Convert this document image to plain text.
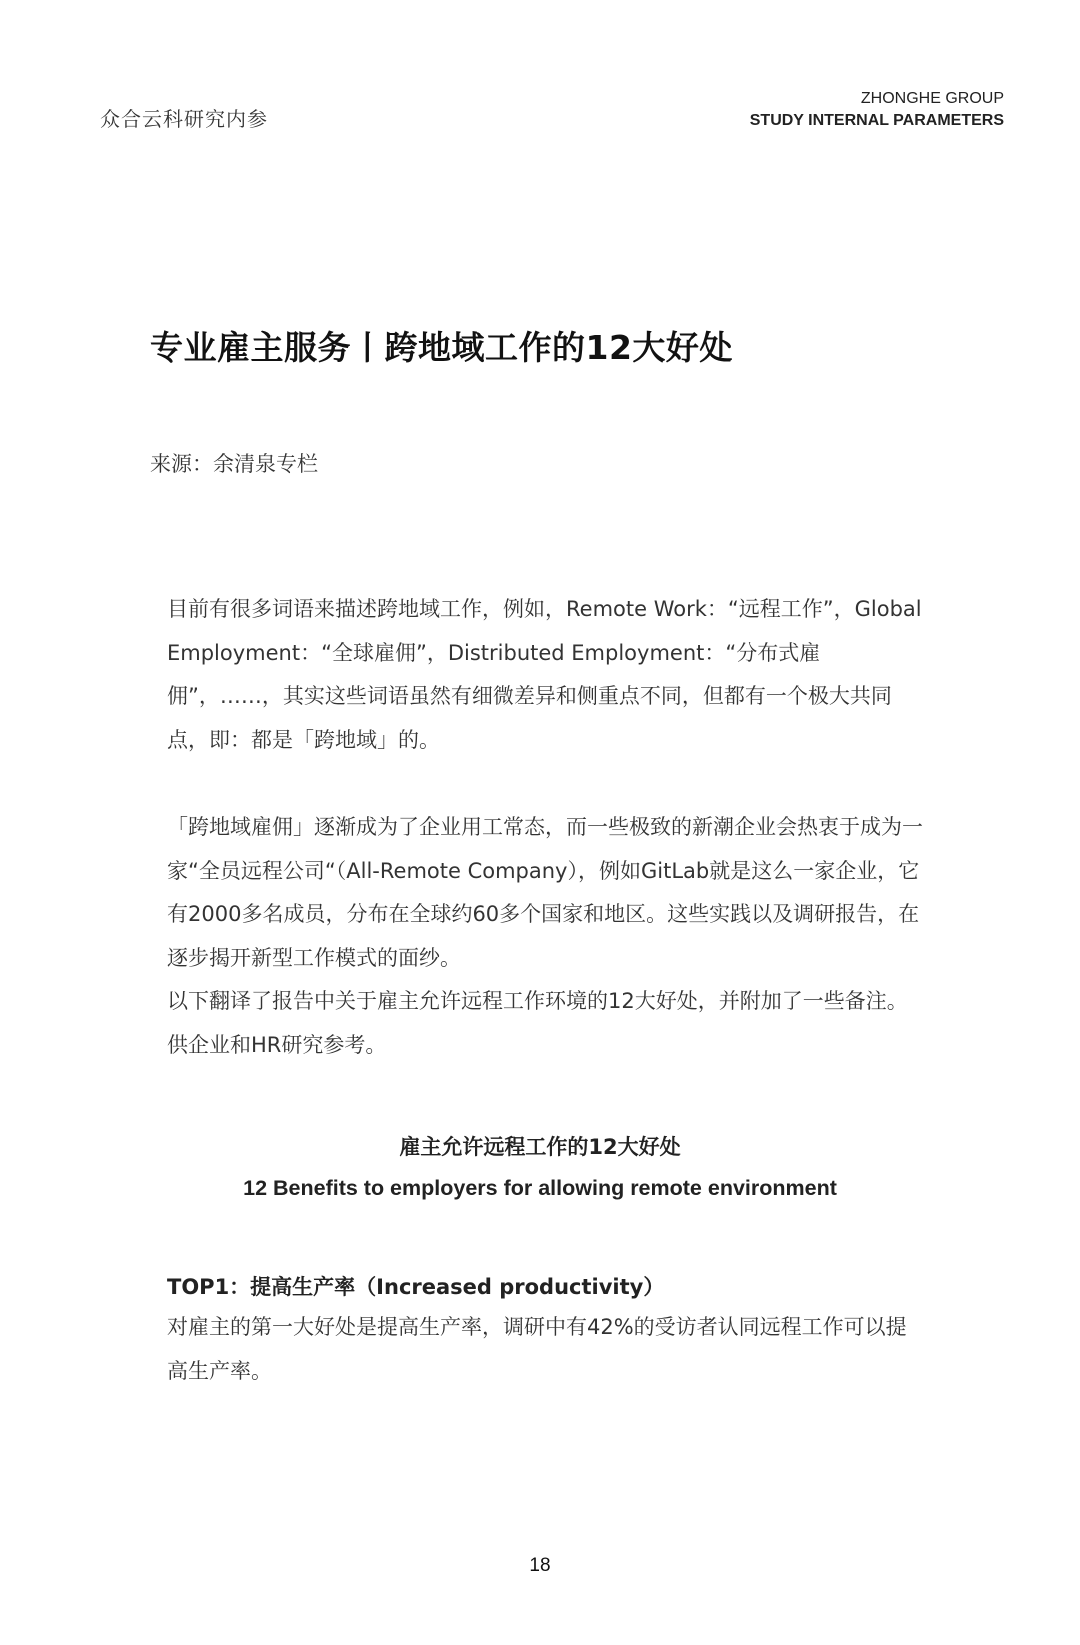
众合云科研究内参
ZHONGHE GROUP
STUDY INTERNAL PARAMETERS
专业雇主服务丨跨地域工作的12大好处
来源：余清泉专栏

目前有很多词语来描述跨地域工作，例如，Remote Work：“远程工作”，Global Employment：“全球雇佣”，Distributed Employment：“分布式雇佣”，……，其实这些词语虽然有细微差异和侧重点不同，但都有一个极大共同点，即：都是「跨地域」的。

「跨地域雇佣」逐渐成为了企业用工常态，而一些极致的新潮企业会热衷于成为一家“全员远程公司“（All-Remote Company），例如GitLab就是这么一家企业，它有2000多名成员，分布在全球约60多个国家和地区。这些实践以及调研报告，在逐步揭开新型工作模式的面纱。

以下翻译了报告中关于雇主允许远程工作环境的12大好处，并附加了一些备注。供企业和HR研究参考。

雇主允许远程工作的12大好处
12 Benefits to employers for allowing remote environment
TOP1：提高生产率（Increased productivity）

对雇主的第一大好处是提高生产率，调研中有42%的受访者认同远程工作可以提高生产率。

18
